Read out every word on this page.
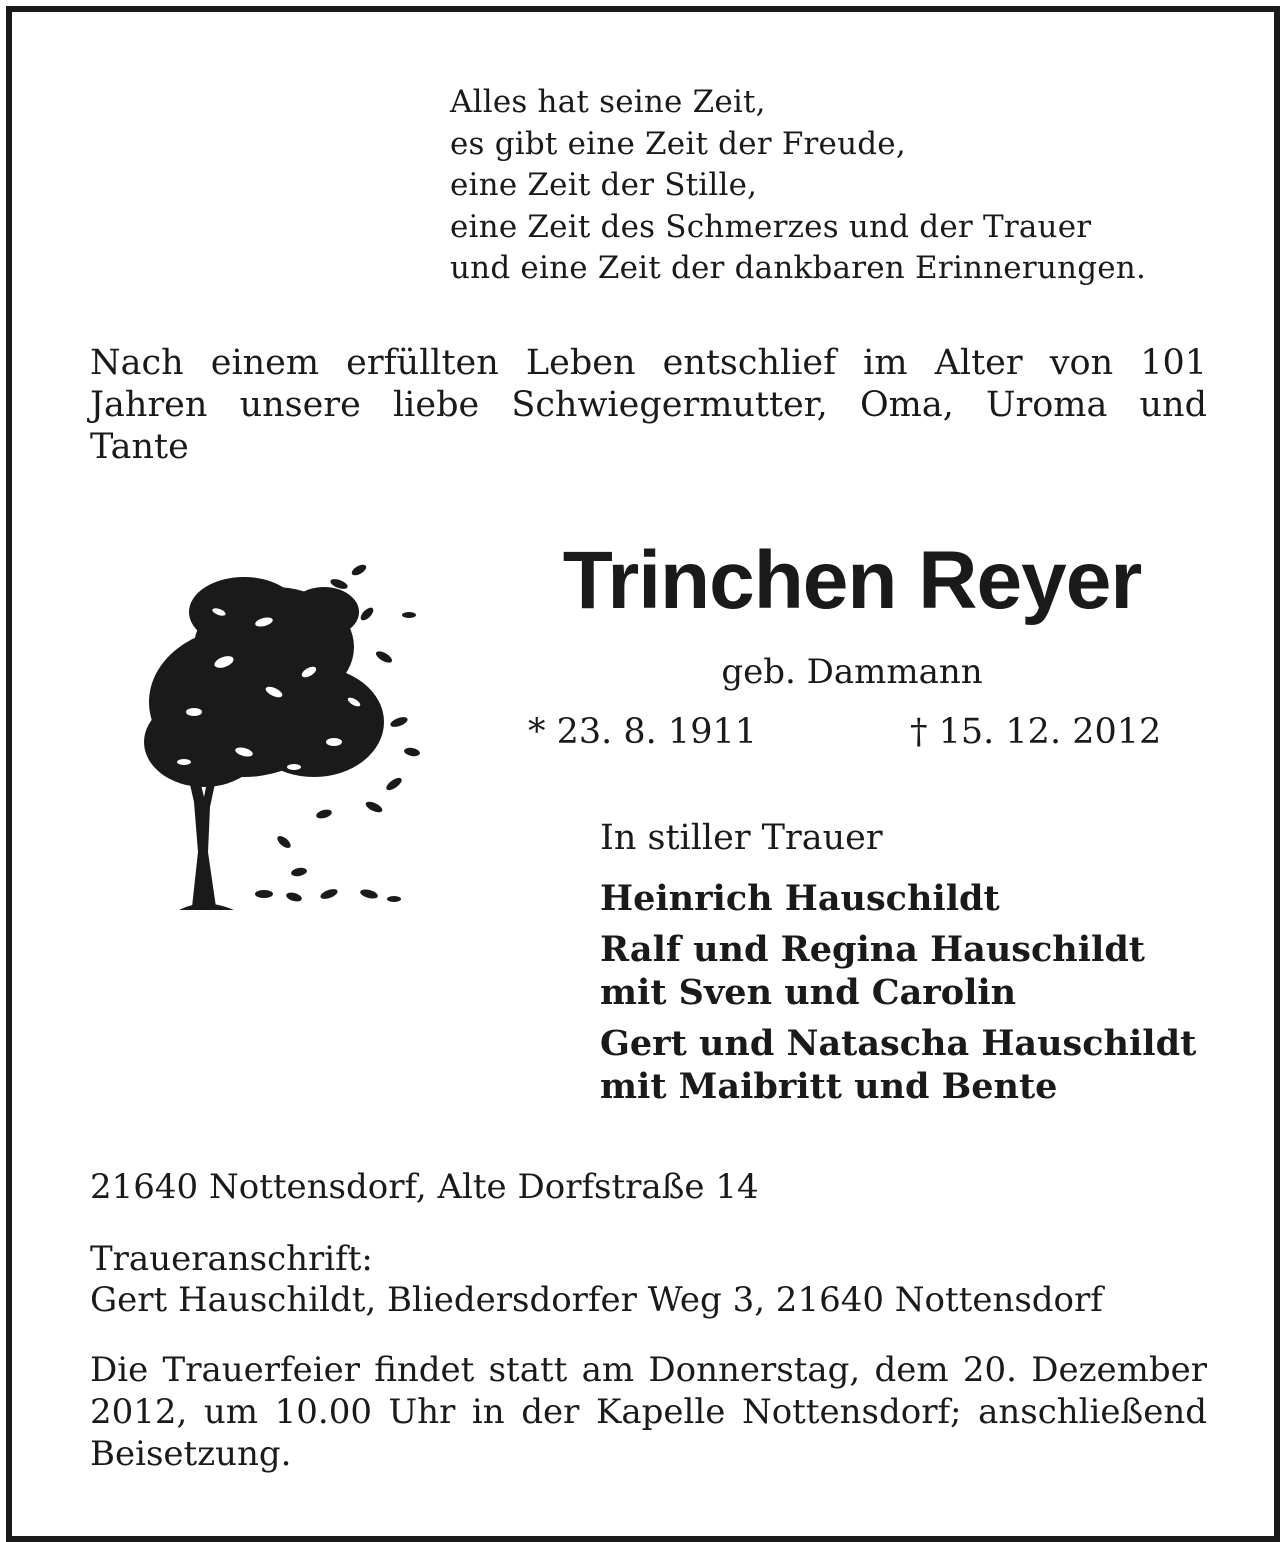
Alles hat seine Zeit,
es gibt eine Zeit der Freude,
eine Zeit der Stille,
eine Zeit des Schmerzes und der Trauer
und eine Zeit der dankbaren Erinnerungen.
Nach einem erfüllten Leben entschlief im Alter von 101 Jahren unsere liebe Schwiegermutter, Oma, Uroma und Tante
Trinchen Reyer
geb. Dammann
* 23. 8. 1911	† 15. 12. 2012
In stiller Trauer
Heinrich Hauschildt
Ralf und Regina Hauschildt
mit Sven und Carolin
Gert und Natascha Hauschildt
mit Maibritt und Bente
21640 Nottensdorf, Alte Dorfstraße 14
Traueranschrift:
Gert Hauschildt, Bliedersdorfer Weg 3, 21640 Nottensdorf
Die Trauerfeier findet statt am Donnerstag, dem 20. Dezember 2012, um 10.00 Uhr in der Kapelle Nottensdorf; anschließend Beisetzung.
